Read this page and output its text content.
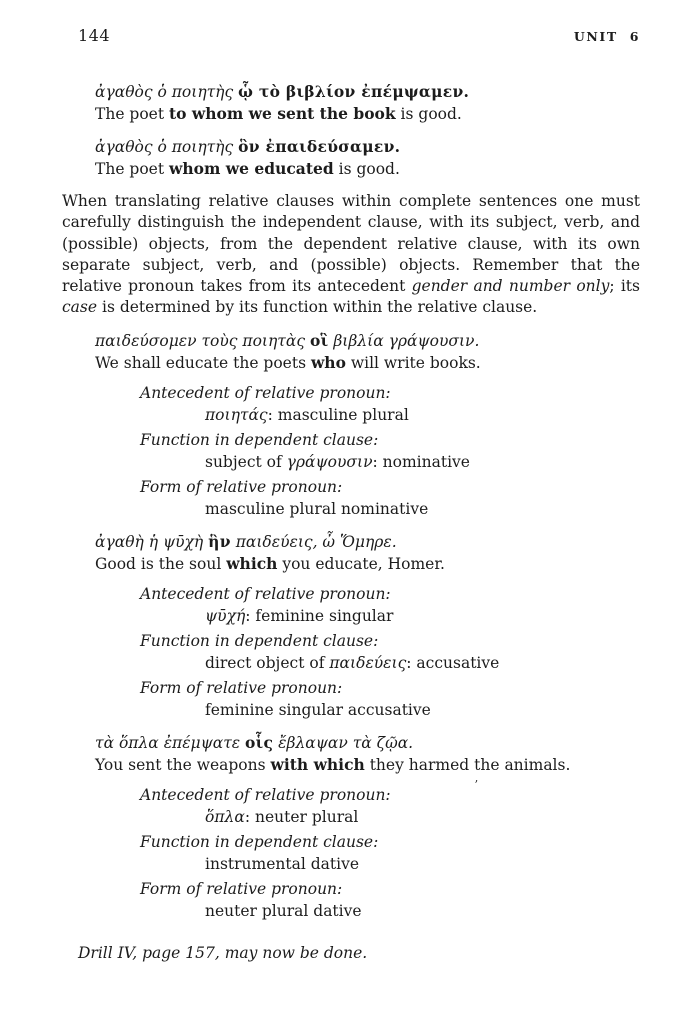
144	UNIT 6
ἀγαθὸς ὁ ποιητὴς ᾧ τὸ βιβλίον ἐπέμψαμεν.
The poet to whom we sent the book is good.
ἀγαθὸς ὁ ποιητὴς ὃν ἐπαιδεύσαμεν.
The poet whom we educated is good.

When translating relative clauses within complete sentences one must carefully distinguish the independent clause, with its subject, verb, and (possible) objects, from the dependent relative clause, with its own separate subject, verb, and (possible) objects. Remember that the relative pronoun takes from its antecedent gender and number only; its case is determined by its function within the relative clause.

παιδεύσομεν τοὺς ποιητὰς οἳ βιβλία γράψουσιν.
We shall educate the poets who will write books.
Antecedent of relative pronoun:
ποιητάς: masculine plural
Function in dependent clause:
subject of γράψουσιν: nominative
Form of relative pronoun:
masculine plural nominative
ἀγαθὴ ἡ ψῡχὴ ἣν παιδεύεις, ὦ Ὅμηρε.
Good is the soul which you educate, Homer.
Antecedent of relative pronoun:
ψῡχή: feminine singular
Function in dependent clause:
direct object of παιδεύεις: accusative
Form of relative pronoun:
feminine singular accusative
τὰ ὅπλα ἐπέμψατε οἷς ἔβλαψαν τὰ ζῷα.
You sent the weapons with which they harmed the animals.
Antecedent of relative pronoun:
ὅπλα: neuter plural
Function in dependent clause:
instrumental dative
Form of relative pronoun:
neuter plural dative

Drill IV, page 157, may now be done.

ʼ
